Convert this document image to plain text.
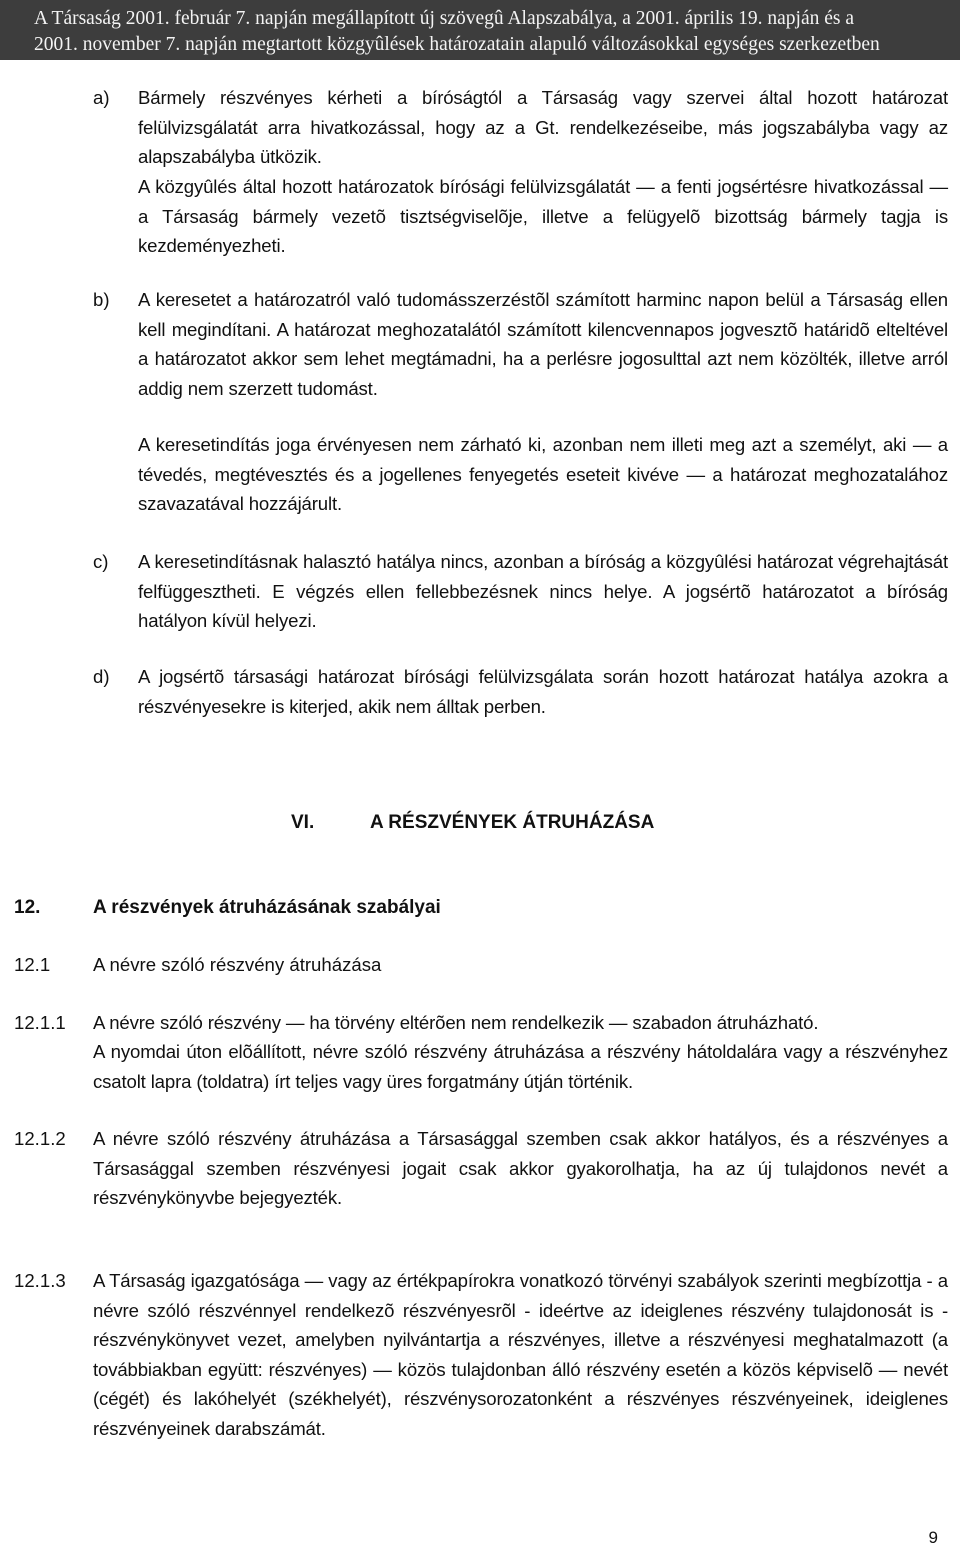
A Társaság 2001. február 7. napján megállapított új szövegû Alapszabálya, a 2001. április 19. napján és a
2001. november 7. napján megtartott közgyûlések határozatain alapuló változásokkal egységes szerkezetben
a) Bármely részvényes kérheti a bíróságtól a Társaság vagy szervei által hozott határozat felülvizsgálatát arra hivatkozással, hogy az a Gt. rendelkezéseibe, más jogszabályba vagy az alapszabályba ütközik.
A közgyûlés által hozott határozatok bírósági felülvizsgálatát — a fenti jogsértésre hivatkozással — a Társaság bármely vezetõ tisztségviselõje, illetve a felügyelõ bizottság bármely tagja is kezdeményezheti.
b) A keresetet a határozatról való tudomásszerzéstõl számított harminc napon belül a Társaság ellen kell megindítani. A határozat meghozatalától számított kilencvennapos jogvesztõ határidõ elteltével a határozatot akkor sem lehet megtámadni, ha a perlésre jogosulttal azt nem közölték, illetve arról addig nem szerzett tudomást.
A keresetindítás joga érvényesen nem zárható ki, azonban nem illeti meg azt a személyt, aki — a tévedés, megtévesztés és a jogellenes fenyegetés eseteit kivéve — a határozat meghozatalához szavazatával hozzájárult.
c) A keresetindításnak halasztó hatálya nincs, azonban a bíróság a közgyûlési határozat végrehajtását felfüggesztheti. E végzés ellen fellebbezésnek nincs helye. A jogsértõ határozatot a bíróság hatályon kívül helyezi.
d) A jogsértõ társasági határozat bírósági felülvizsgálata során hozott határozat hatálya azokra a részvényesekre is kiterjed, akik nem álltak perben.
VI.	A RÉSZVÉNYEK ÁTRUHÁZÁSA
12.	A részvények átruházásának szabályai
12.1 A névre szóló részvény átruházása
12.1.1 A névre szóló részvény — ha törvény eltérõen nem rendelkezik — szabadon átruházható.
A nyomdai úton elõállított, névre szóló részvény átruházása a részvény hátoldalára vagy a részvényhez csatolt lapra (toldatra) írt teljes vagy üres forgatmány útján történik.
12.1.2 A névre szóló részvény átruházása a Társasággal szemben csak akkor hatályos, és a részvényes a Társasággal szemben részvényesi jogait csak akkor gyakorolhatja, ha az új tulajdonos nevét a részvénykönyvbe bejegyezték.
12.1.3 A Társaság igazgatósága — vagy az értékpapírokra vonatkozó törvényi szabályok szerinti megbízottja - a névre szóló részvénnyel rendelkezõ részvényesrõl - ideértve az ideiglenes részvény tulajdonosát is - részvénykönyvet vezet, amelyben nyilvántartja a részvényes, illetve a részvényesi meghatalmazott (a továbbiakban együtt: részvényes) — közös tulajdonban álló részvény esetén a közös képviselõ — nevét (cégét) és lakóhelyét (székhelyét), részvénysorozatonként a részvényes részvényeinek, ideiglenes részvényeinek darabszámát.
9
